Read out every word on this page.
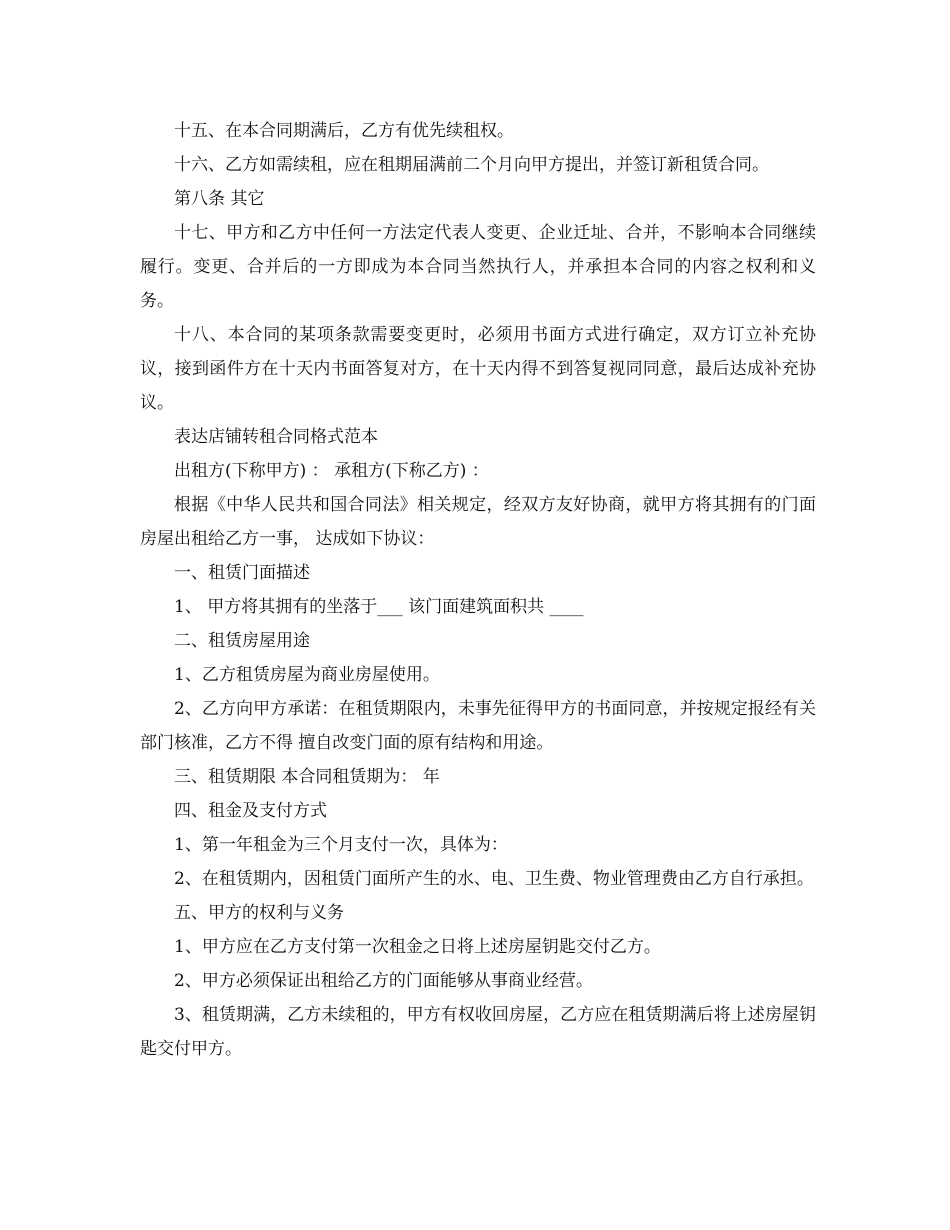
十五、在本合同期满后，乙方有优先续租权。

十六、乙方如需续租，应在租期届满前二个月向甲方提出，并签订新租赁合同。

第八条 其它

十七、甲方和乙方中任何一方法定代表人变更、企业迁址、合并，不影响本合同继续履行。变更、合并后的一方即成为本合同当然执行人，并承担本合同的内容之权利和义务。

十八、本合同的某项条款需要变更时，必须用书面方式进行确定，双方订立补充协议，接到函件方在十天内书面答复对方，在十天内得不到答复视同同意，最后达成补充协议。

表达店铺转租合同格式范本

出租方(下称甲方) ： 承租方(下称乙方) ：

根据《中华人民共和国合同法》相关规定，经双方友好协商，就甲方将其拥有的门面房屋出租给乙方一事， 达成如下协议：

一、租赁门面描述

1、 甲方将其拥有的坐落于___ 该门面建筑面积共 ____

二、租赁房屋用途

1、乙方租赁房屋为商业房屋使用。

2、乙方向甲方承诺：在租赁期限内，未事先征得甲方的书面同意，并按规定报经有关部门核准，乙方不得 擅自改变门面的原有结构和用途。

三、租赁期限 本合同租赁期为： 年

四、租金及支付方式

1、第一年租金为三个月支付一次，具体为：

2、在租赁期内，因租赁门面所产生的水、电、卫生费、物业管理费由乙方自行承担。

五、甲方的权利与义务

1、甲方应在乙方支付第一次租金之日将上述房屋钥匙交付乙方。

2、甲方必须保证出租给乙方的门面能够从事商业经营。

3、租赁期满，乙方未续租的，甲方有权收回房屋，乙方应在租赁期满后将上述房屋钥匙交付甲方。
